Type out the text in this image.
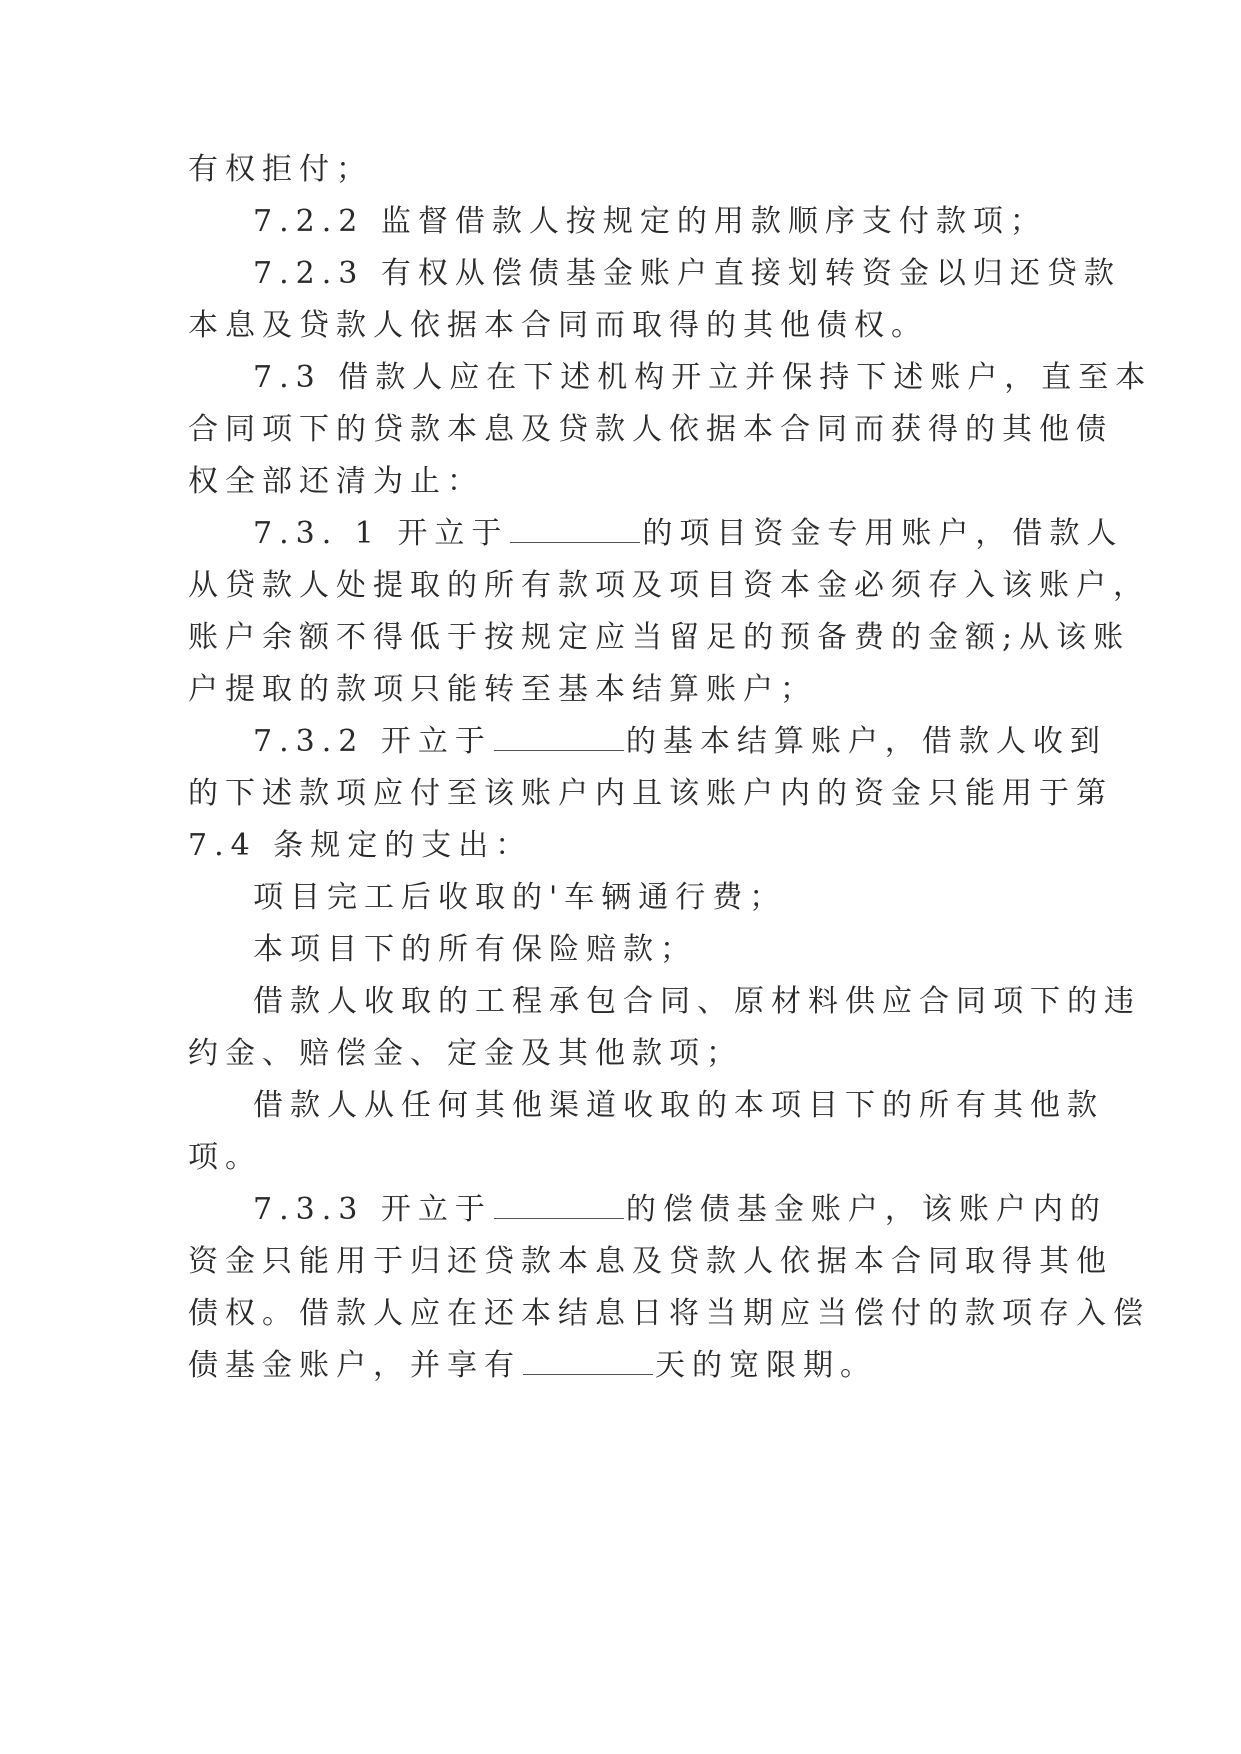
有权拒付；
7.2.2 监督借款人按规定的用款顺序支付款项；
7.2.3 有权从偿债基金账户直接划转资金以归还贷款
本息及贷款人依据本合同而取得的其他债权。
7.3 借款人应在下述机构开立并保持下述账户，直至本
合同项下的贷款本息及贷款人依据本合同而获得的其他债
权全部还清为止：
7.3. 1 开立于	的项目资金专用账户，借款人
从贷款人处提取的所有款项及项目资本金必须存入该账户，
账户余额不得低于按规定应当留足的预备费的金额;从该账
户提取的款项只能转至基本结算账户；
7.3.2 开立于	的基本结算账户，借款人收到
的下述款项应付至该账户内且该账户内的资金只能用于第
7.4 条规定的支出：
项目完工后收取的'车辆通行费；
本项目下的所有保险赔款；
借款人收取的工程承包合同、原材料供应合同项下的违
约金、赔偿金、定金及其他款项；
借款人从任何其他渠道收取的本项目下的所有其他款
项。
7.3.3 开立于	的偿债基金账户，该账户内的
资金只能用于归还贷款本息及贷款人依据本合同取得其他
债权。借款人应在还本结息日将当期应当偿付的款项存入偿
债基金账户，并享有	天的宽限期。
